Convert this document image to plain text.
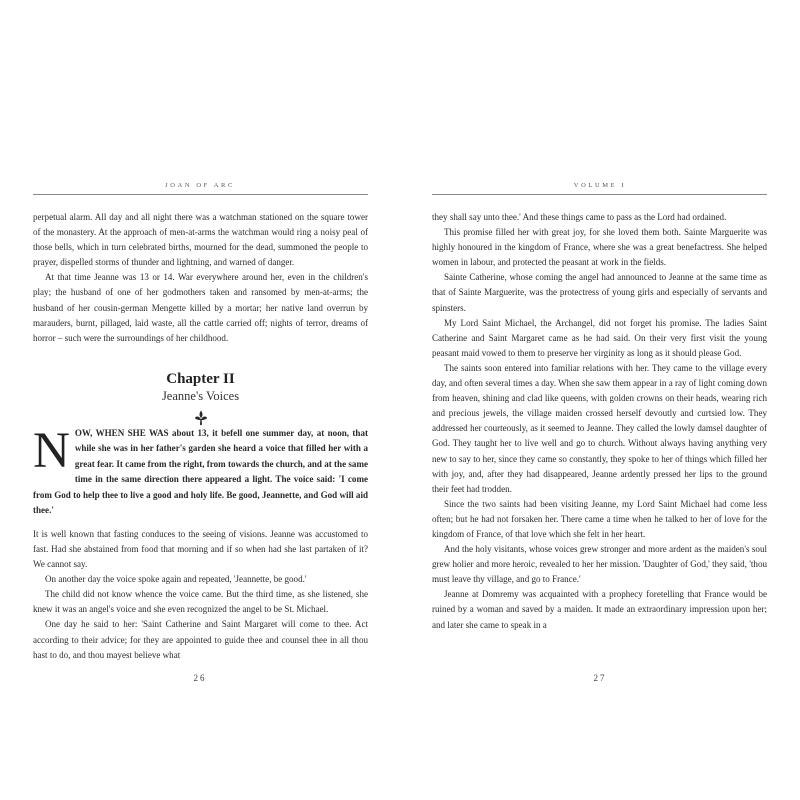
JOAN OF ARC

perpetual alarm. All day and all night there was a watchman stationed on the square tower of the monastery. At the approach of men-at-arms the watchman would ring a noisy peal of those bells, which in turn celebrated births, mourned for the dead, summoned the people to prayer, dispelled storms of thunder and lightning, and warned of danger.

At that time Jeanne was 13 or 14. War everywhere around her, even in the children's play; the husband of one of her godmothers taken and ransomed by men-at-arms; the husband of her cousin-german Mengette killed by a mortar; her native land overrun by marauders, burnt, pillaged, laid waste, all the cattle carried off; nights of terror, dreams of horror – such were the surroundings of her childhood.

Chapter II
Jeanne's Voices

NOW, WHEN SHE WAS about 13, it befell one summer day, at noon, that while she was in her father's garden she heard a voice that filled her with a great fear. It came from the right, from towards the church, and at the same time in the same direction there appeared a light. The voice said: 'I come from God to help thee to live a good and holy life. Be good, Jeannette, and God will aid thee.'

It is well known that fasting conduces to the seeing of visions. Jeanne was accustomed to fast. Had she abstained from food that morning and if so when had she last partaken of it? We cannot say.

On another day the voice spoke again and repeated, 'Jeannette, be good.'

The child did not know whence the voice came. But the third time, as she listened, she knew it was an angel's voice and she even recognized the angel to be St. Michael.

One day he said to her: 'Saint Catherine and Saint Margaret will come to thee. Act according to their advice; for they are appointed to guide thee and counsel thee in all thou hast to do, and thou mayest believe what

26
VOLUME I

they shall say unto thee.' And these things came to pass as the Lord had ordained.

This promise filled her with great joy, for she loved them both. Sainte Marguerite was highly honoured in the kingdom of France, where she was a great benefactress. She helped women in labour, and protected the peasant at work in the fields.

Sainte Catherine, whose coming the angel had announced to Jeanne at the same time as that of Sainte Marguerite, was the protectress of young girls and especially of servants and spinsters.

My Lord Saint Michael, the Archangel, did not forget his promise. The ladies Saint Catherine and Saint Margaret came as he had said. On their very first visit the young peasant maid vowed to them to preserve her virginity as long as it should please God.

The saints soon entered into familiar relations with her. They came to the village every day, and often several times a day. When she saw them appear in a ray of light coming down from heaven, shining and clad like queens, with golden crowns on their heads, wearing rich and precious jewels, the village maiden crossed herself devoutly and curtsied low. They addressed her courteously, as it seemed to Jeanne. They called the lowly damsel daughter of God. They taught her to live well and go to church. Without always having anything very new to say to her, since they came so constantly, they spoke to her of things which filled her with joy, and, after they had disappeared, Jeanne ardently pressed her lips to the ground their feet had trodden.

Since the two saints had been visiting Jeanne, my Lord Saint Michael had come less often; but he had not forsaken her. There came a time when he talked to her of love for the kingdom of France, of that love which she felt in her heart.

And the holy visitants, whose voices grew stronger and more ardent as the maiden's soul grew holier and more heroic, revealed to her her mission. 'Daughter of God,' they said, 'thou must leave thy village, and go to France.'

Jeanne at Domremy was acquainted with a prophecy foretelling that France would be ruined by a woman and saved by a maiden. It made an extraordinary impression upon her; and later she came to speak in a

27
